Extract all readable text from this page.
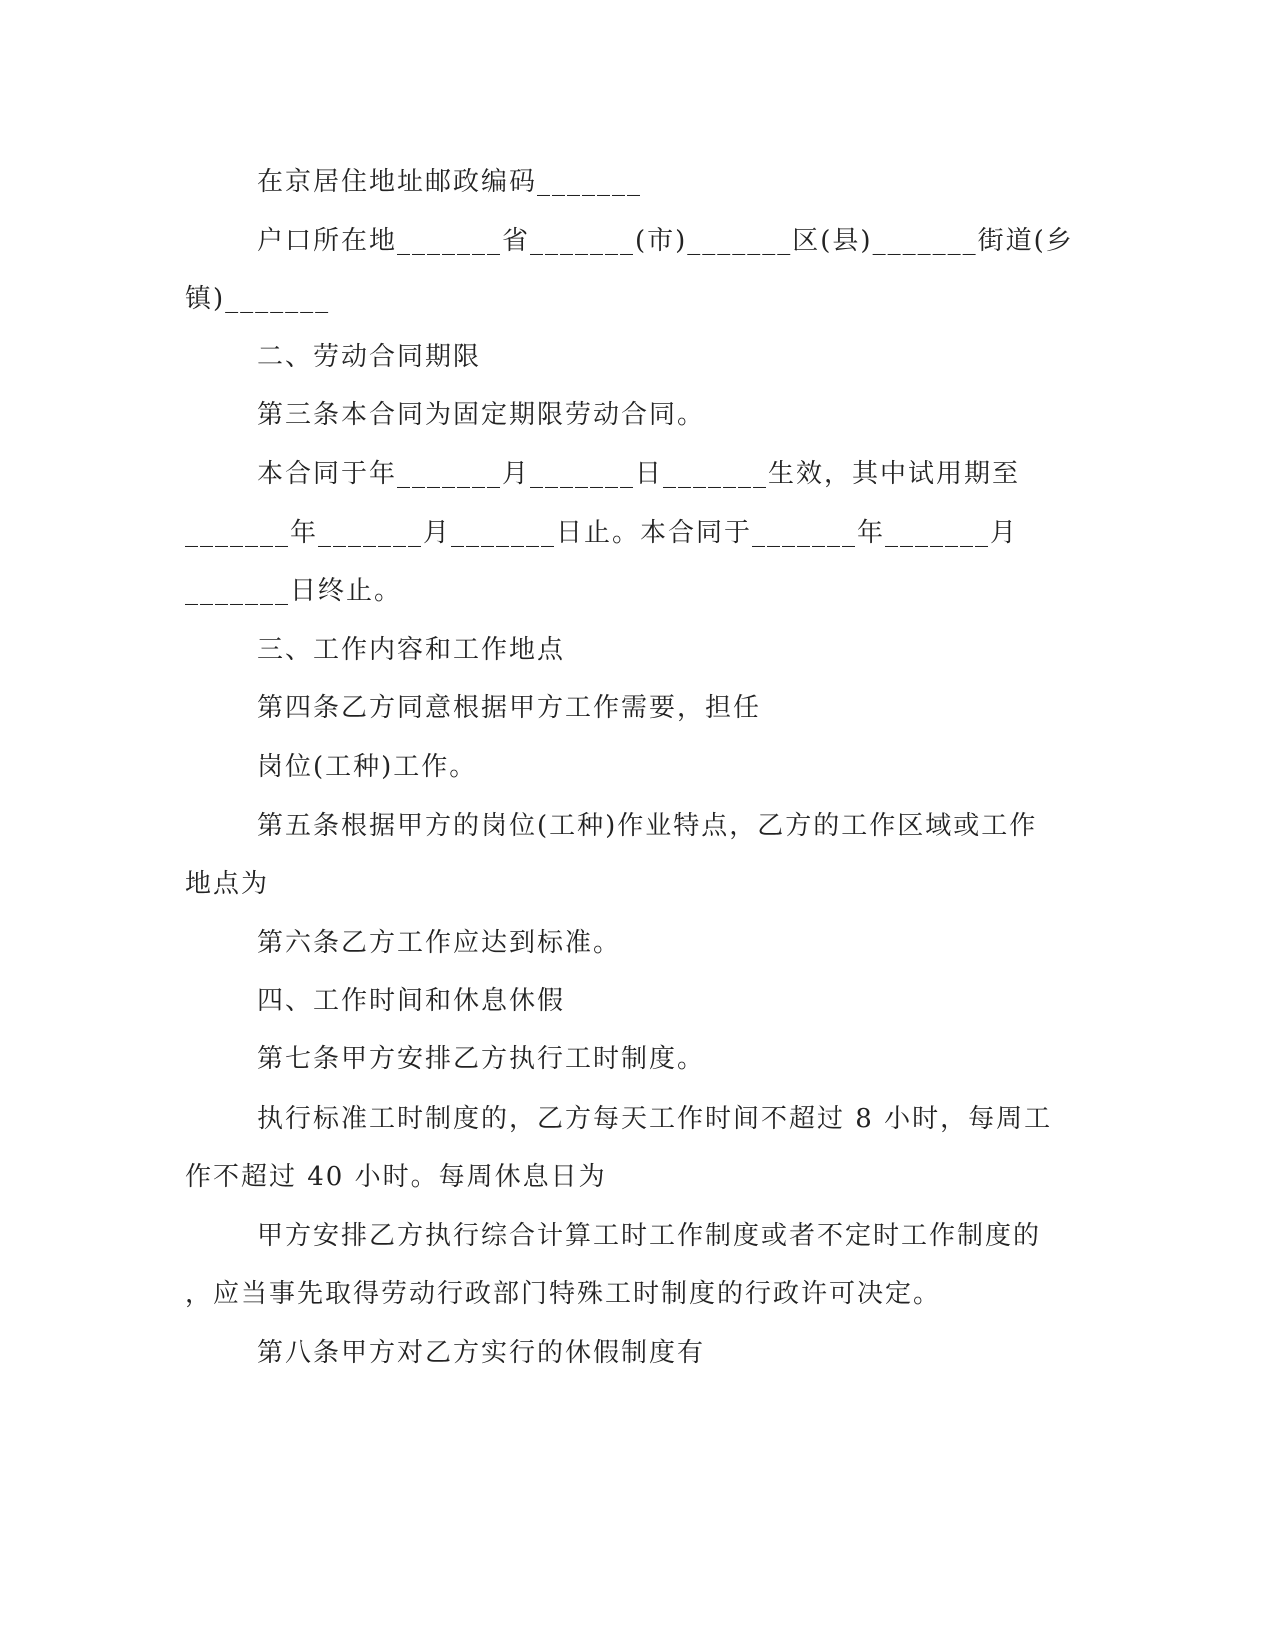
在京居住地址邮政编码_______
户口所在地_______省_______(市)_______区(县)_______街道(乡
镇)_______
二、劳动合同期限
第三条本合同为固定期限劳动合同。
本合同于年_______月_______日_______生效，其中试用期至
_______年_______月_______日止。本合同于_______年_______月
_______日终止。
三、工作内容和工作地点
第四条乙方同意根据甲方工作需要，担任
岗位(工种)工作。
第五条根据甲方的岗位(工种)作业特点，乙方的工作区域或工作
地点为
第六条乙方工作应达到标准。
四、工作时间和休息休假
第七条甲方安排乙方执行工时制度。
执行标准工时制度的，乙方每天工作时间不超过 8 小时，每周工
作不超过 40 小时。每周休息日为
甲方安排乙方执行综合计算工时工作制度或者不定时工作制度的
，应当事先取得劳动行政部门特殊工时制度的行政许可决定。
第八条甲方对乙方实行的休假制度有
